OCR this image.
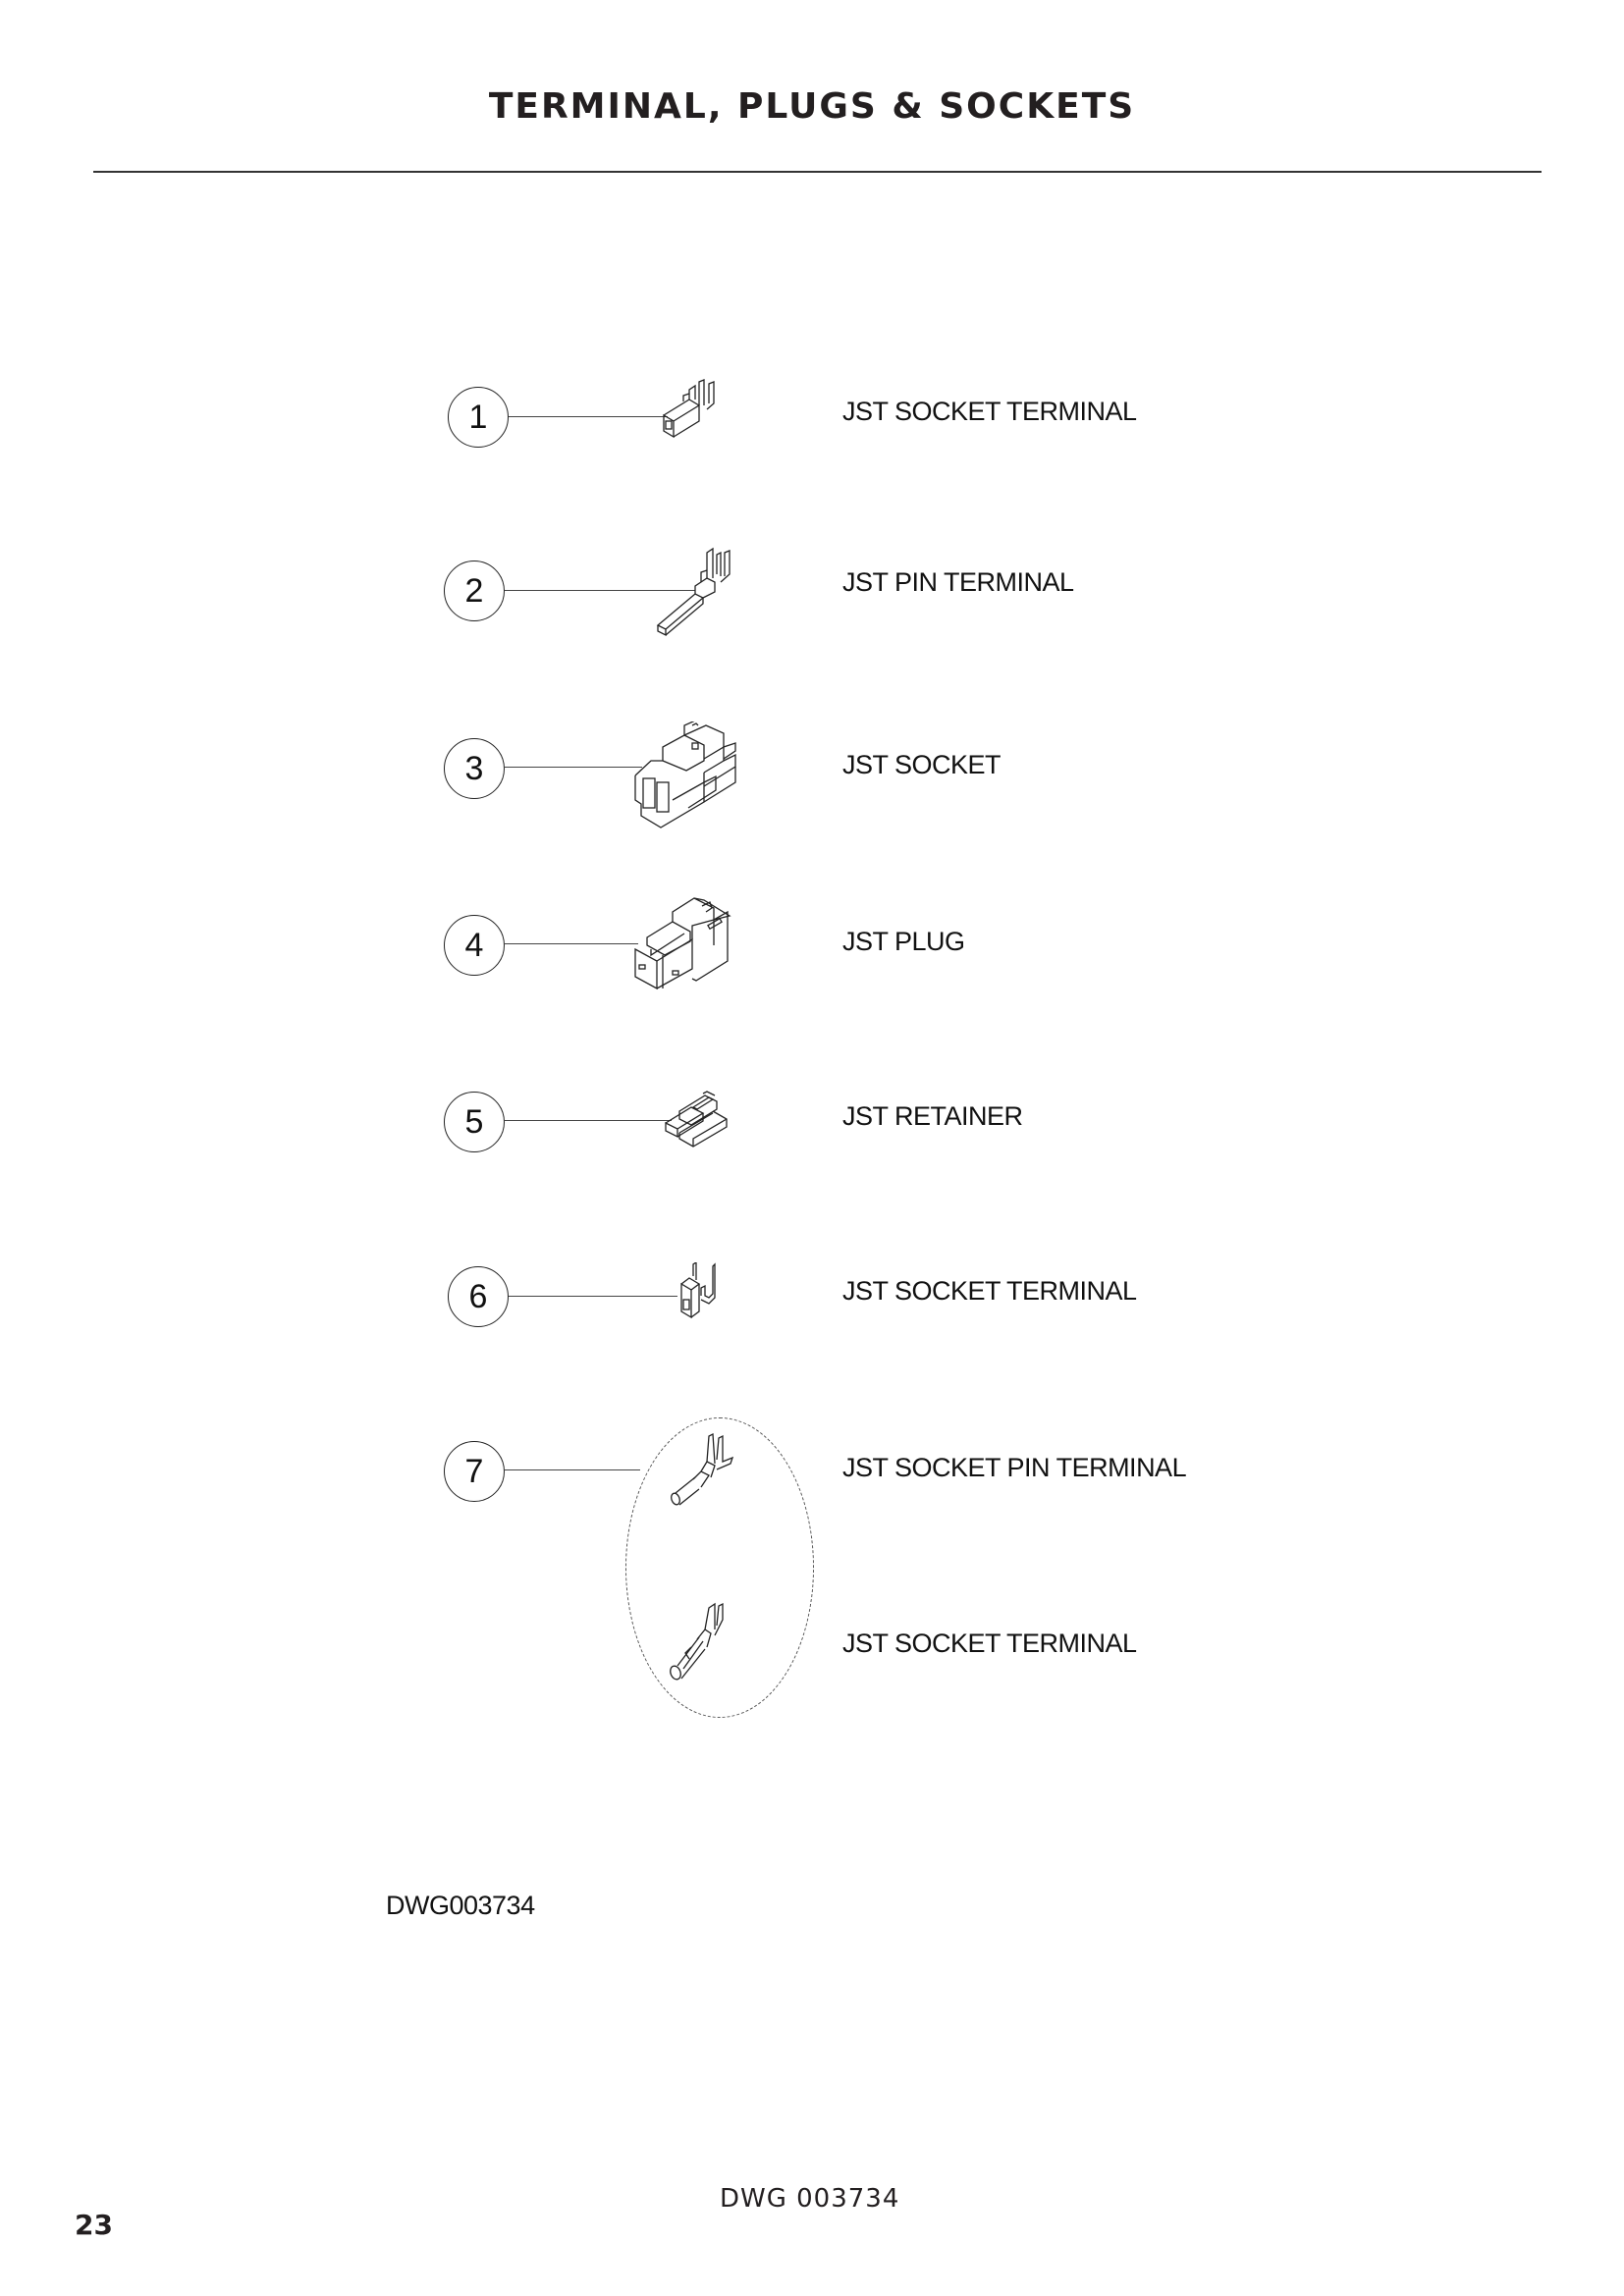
TERMINAL, PLUGS & SOCKETS
1	JST SOCKET TERMINAL
2	JST PIN TERMINAL
3	JST SOCKET
4	JST PLUG
5	JST RETAINER
6	JST SOCKET TERMINAL
7	JST SOCKET PIN TERMINAL
JST SOCKET TERMINAL
DWG003734
DWG 003734
23
